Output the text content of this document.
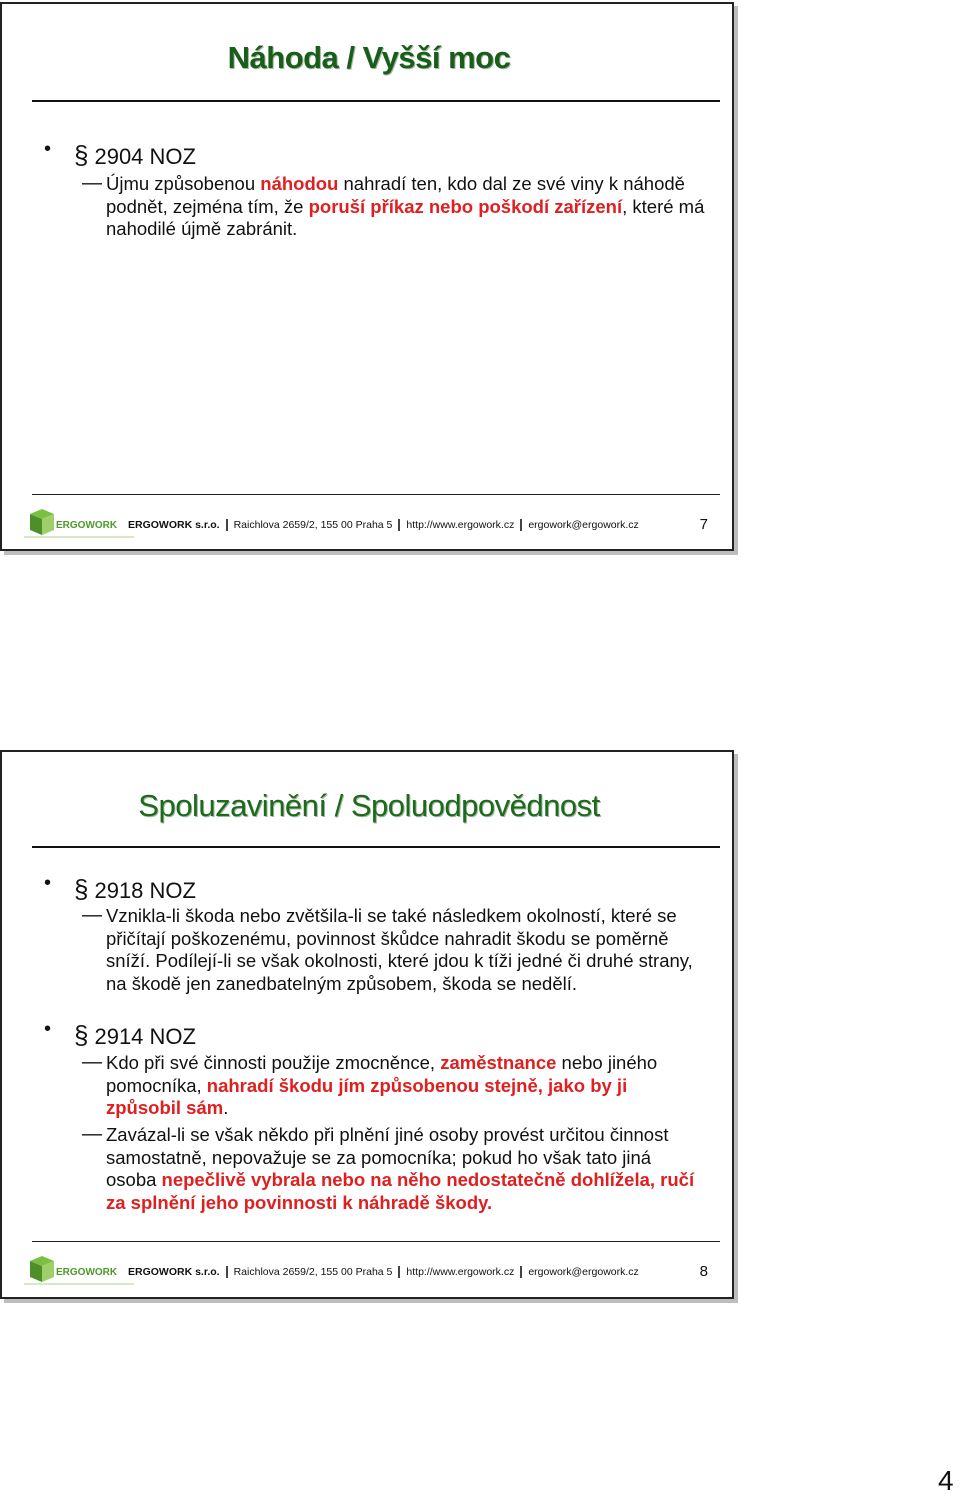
Náhoda / Vyšší moc
• § 2904 NOZ
— Újmu způsobenou náhodou nahradí ten, kdo dal ze své viny k náhodě podnět, zejména tím, že poruší příkaz nebo poškodí zařízení, které má nahodilé újmě zabránit.
ERGOWORK ERGOWORK s.r.o. Raichlova 2659/2, 155 00 Praha 5 http://www.ergowork.cz ergowork@ergowork.cz	7
Spoluzavinění / Spoluodpovědnost
• § 2918 NOZ
— Vznikla-li škoda nebo zvětšila-li se také následkem okolností, které se přičítají poškozenému, povinnost škůdce nahradit škodu se poměrně sníží. Podílejí-li se však okolnosti, které jdou k tíži jedné či druhé strany, na škodě jen zanedbatelným způsobem, škoda se nedělí.
• § 2914 NOZ
— Kdo při své činnosti použije zmocněnce, zaměstnance nebo jiného pomocníka, nahradí škodu jím způsobenou stejně, jako by ji způsobil sám.
— Zavázal-li se však někdo při plnění jiné osoby provést určitou činnost samostatně, nepovažuje se za pomocníka; pokud ho však tato jiná osoba nepečlivě vybrala nebo na něho nedostatečně dohlížela, ručí za splnění jeho povinnosti k náhradě škody.
ERGOWORK ERGOWORK s.r.o. Raichlova 2659/2, 155 00 Praha 5 http://www.ergowork.cz ergowork@ergowork.cz	8
4
